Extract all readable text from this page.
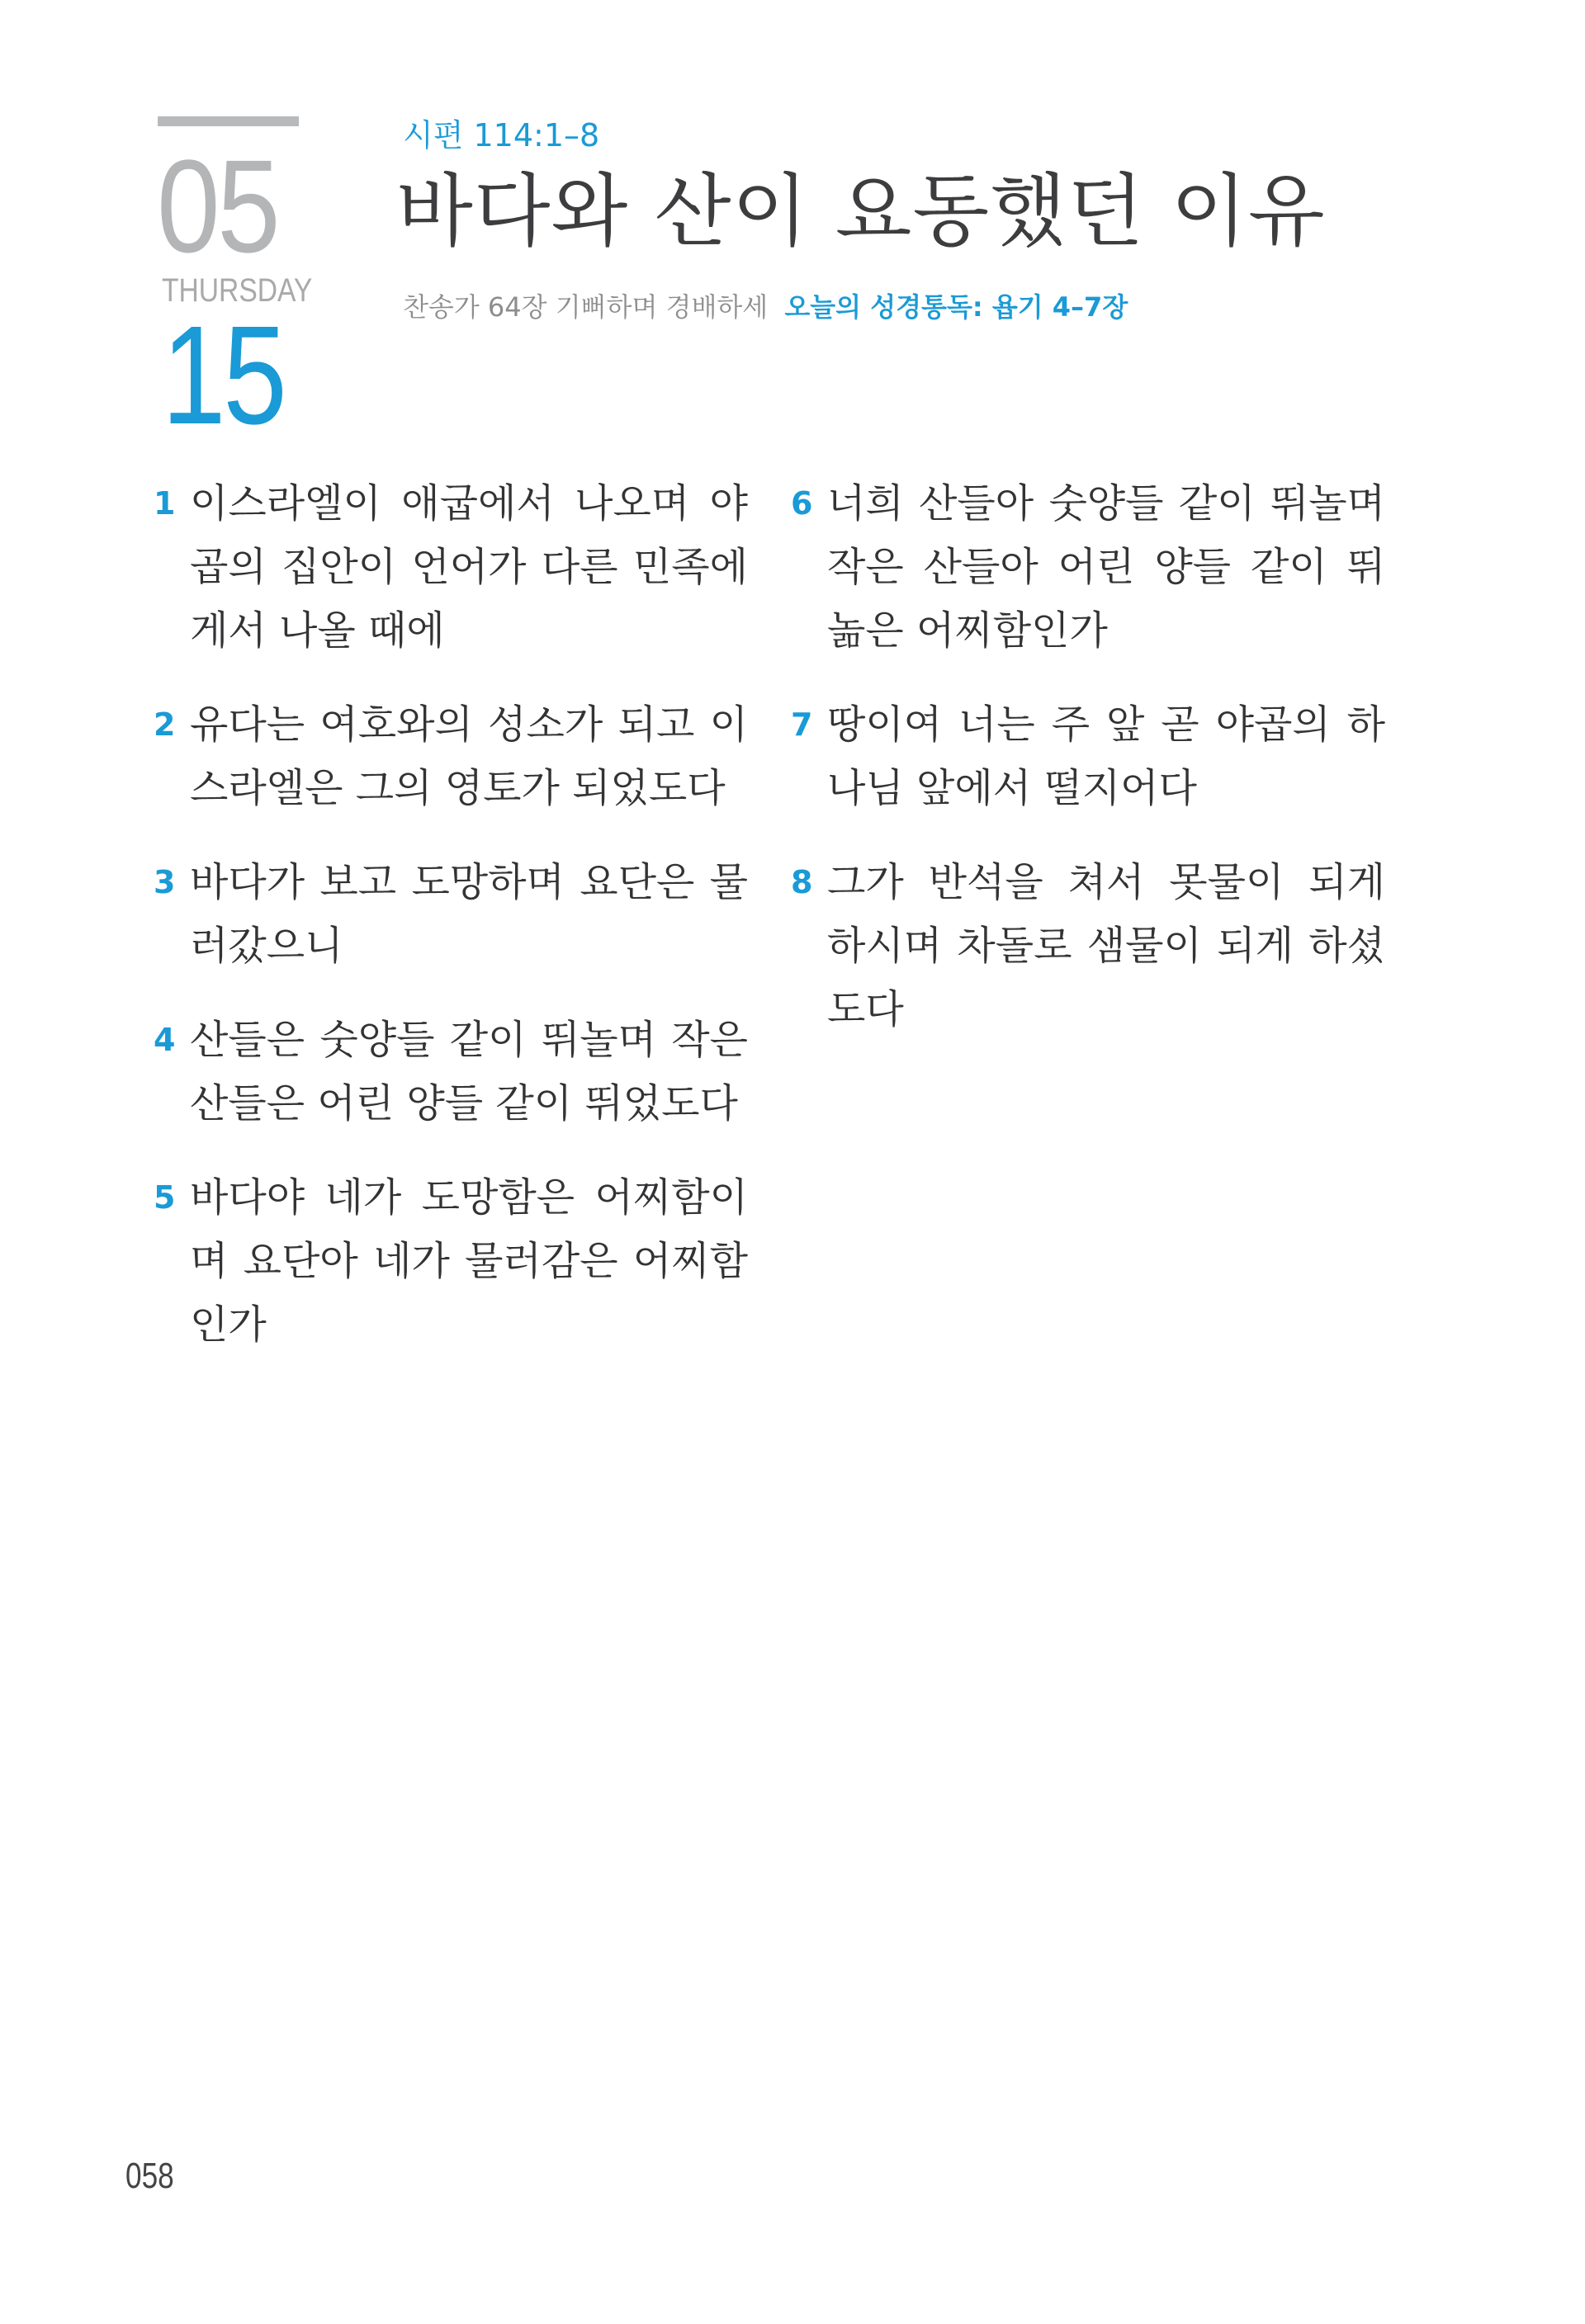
05
THURSDAY
15
시편 114:1–8
바다와 산이 요동했던 이유
찬송가 64장 기뻐하며 경배하세 오늘의 성경통독: 욥기 4–7장
1 이스라엘이 애굽에서 나오며 야곱의 집안이 언어가 다른 민족에게서 나올 때에
2 유다는 여호와의 성소가 되고 이스라엘은 그의 영토가 되었도다
3 바다가 보고 도망하며 요단은 물러갔으니
4 산들은 숫양들 같이 뛰놀며 작은 산들은 어린 양들 같이 뛰었도다
5 바다야 네가 도망함은 어찌함이며 요단아 네가 물러감은 어찌함인가
6 너희 산들아 숫양들 같이 뛰놀며 작은 산들아 어린 양들 같이 뛰놂은 어찌함인가
7 땅이여 너는 주 앞 곧 야곱의 하나님 앞에서 떨지어다
8 그가 반석을 쳐서 못물이 되게 하시며 차돌로 샘물이 되게 하셨도다
058
